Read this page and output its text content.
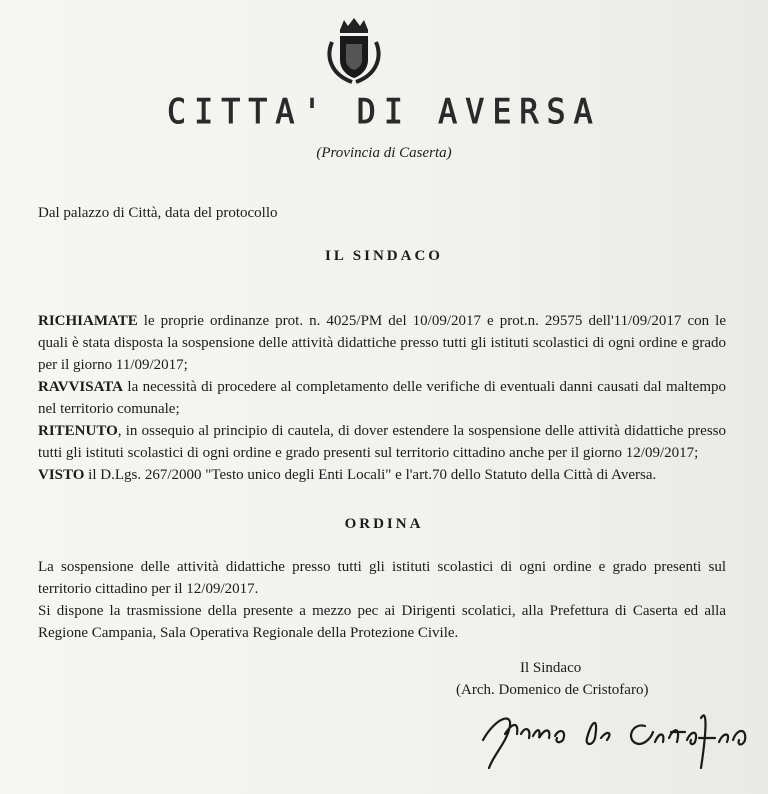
CITTA' DI AVERSA
(Provincia di Caserta)
Dal palazzo di Città, data del protocollo
IL SINDACO
RICHIAMATE le proprie ordinanze prot. n. 4025/PM del 10/09/2017 e prot.n. 29575 dell'11/09/2017 con le quali è stata disposta la sospensione delle attività didattiche presso tutti gli istituti scolastici di ogni ordine e grado per il giorno 11/09/2017;
RAVVISATA la necessità di procedere al completamento delle verifiche di eventuali danni causati dal maltempo nel territorio comunale;
RITENUTO, in ossequio al principio di cautela, di dover estendere la sospensione delle attività didattiche presso tutti gli istituti scolastici di ogni ordine e grado presenti sul territorio cittadino anche per il giorno 12/09/2017;
VISTO il D.Lgs. 267/2000 "Testo unico degli Enti Locali" e l'art.70 dello Statuto della Città di Aversa.
ORDINA
La sospensione delle attività didattiche presso tutti gli istituti scolastici di ogni ordine e grado presenti sul territorio cittadino per il 12/09/2017.
Si dispone la trasmissione della presente a mezzo pec ai Dirigenti scolatici, alla Prefettura di Caserta ed alla Regione Campania, Sala Operativa Regionale della Protezione Civile.
Il Sindaco
(Arch. Domenico de Cristofaro)
